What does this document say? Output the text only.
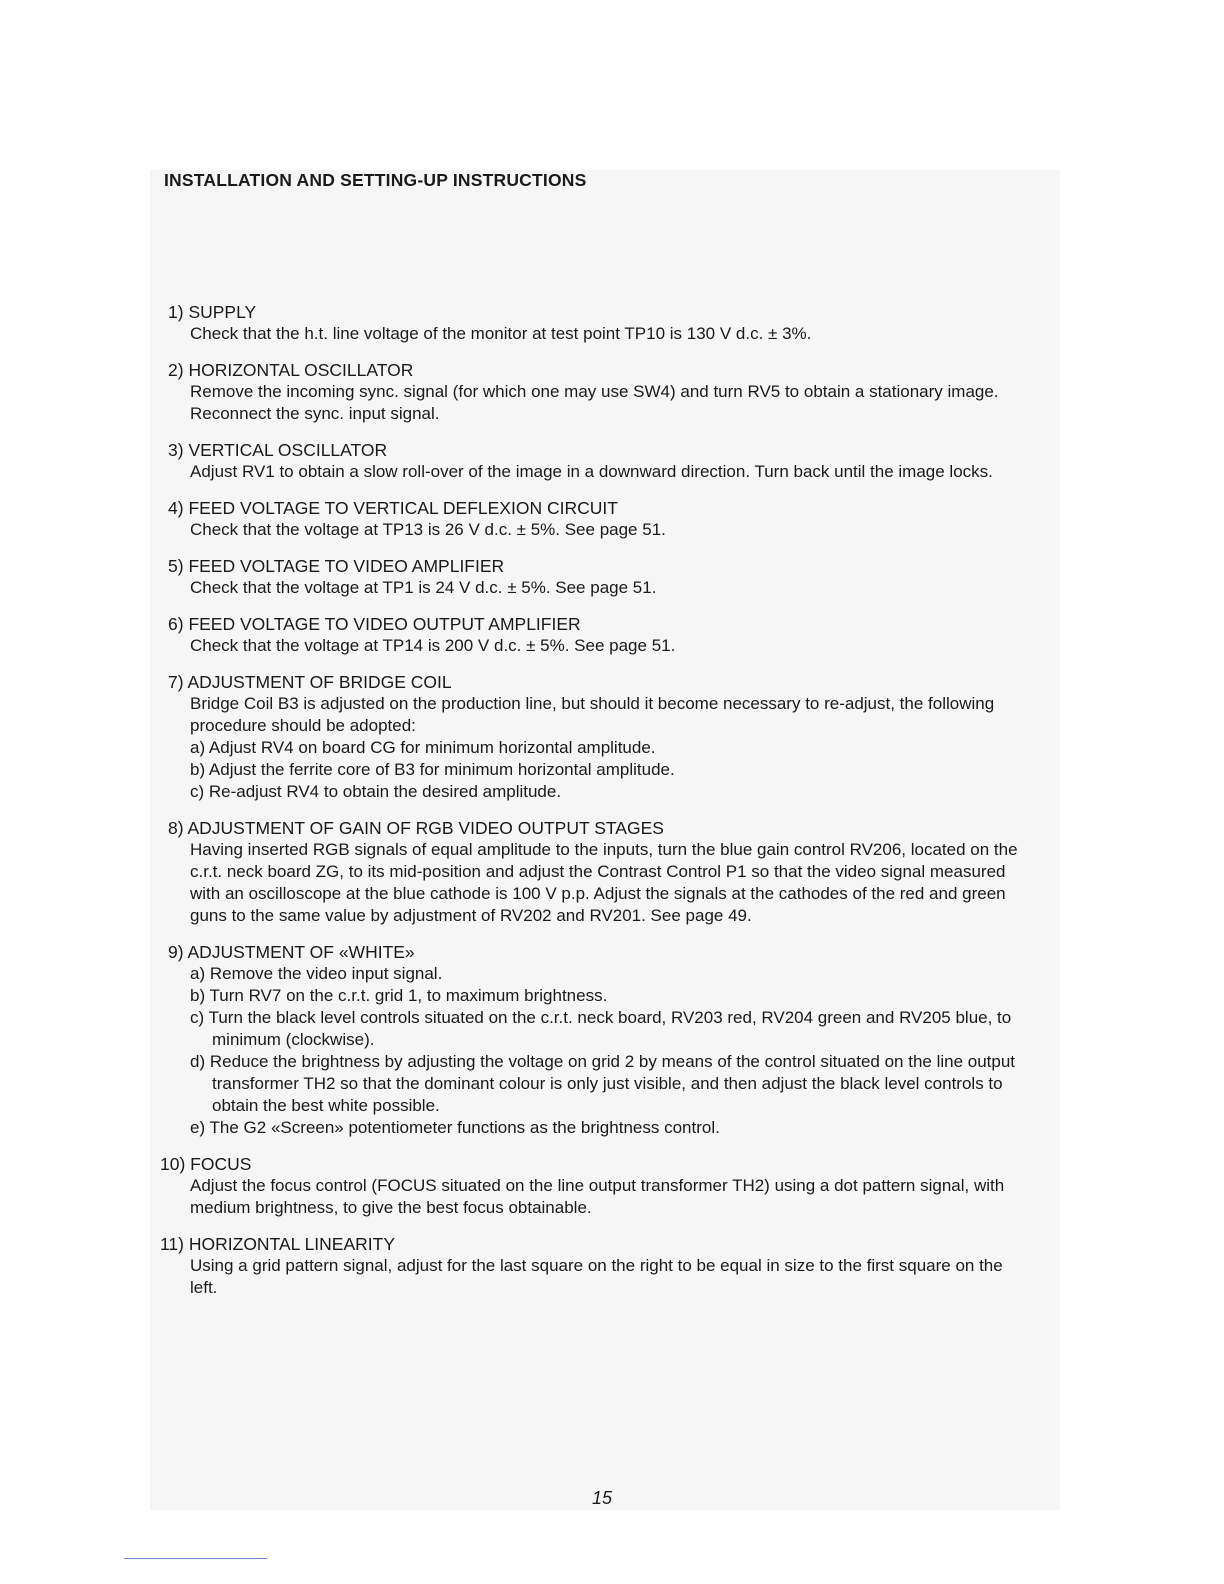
INSTALLATION AND SETTING-UP INSTRUCTIONS
1) SUPPLY
Check that the h.t. line voltage of the monitor at test point TP10 is 130 V d.c. ± 3%.
2) HORIZONTAL OSCILLATOR
Remove the incoming sync. signal (for which one may use SW4) and turn RV5 to obtain a stationary image. Reconnect the sync. input signal.
3) VERTICAL OSCILLATOR
Adjust RV1 to obtain a slow roll-over of the image in a downward direction. Turn back until the image locks.
4) FEED VOLTAGE TO VERTICAL DEFLEXION CIRCUIT
Check that the voltage at TP13 is 26 V d.c. ± 5%. See page 51.
5) FEED VOLTAGE TO VIDEO AMPLIFIER
Check that the voltage at TP1 is 24 V d.c. ± 5%. See page 51.
6) FEED VOLTAGE TO VIDEO OUTPUT AMPLIFIER
Check that the voltage at TP14 is 200 V d.c. ± 5%. See page 51.
7) ADJUSTMENT OF BRIDGE COIL
Bridge Coil B3 is adjusted on the production line, but should it become necessary to re-adjust, the following procedure should be adopted:
a) Adjust RV4 on board CG for minimum horizontal amplitude.
b) Adjust the ferrite core of B3 for minimum horizontal amplitude.
c) Re-adjust RV4 to obtain the desired amplitude.
8) ADJUSTMENT OF GAIN OF RGB VIDEO OUTPUT STAGES
Having inserted RGB signals of equal amplitude to the inputs, turn the blue gain control RV206, located on the c.r.t. neck board ZG, to its mid-position and adjust the Contrast Control P1 so that the video signal measured with an oscilloscope at the blue cathode is 100 V p.p. Adjust the signals at the cathodes of the red and green guns to the same value by adjustment of RV202 and RV201. See page 49.
9) ADJUSTMENT OF «WHITE»
a) Remove the video input signal.
b) Turn RV7 on the c.r.t. grid 1, to maximum brightness.
c) Turn the black level controls situated on the c.r.t. neck board, RV203 red, RV204 green and RV205 blue, to minimum (clockwise).
d) Reduce the brightness by adjusting the voltage on grid 2 by means of the control situated on the line output transformer TH2 so that the dominant colour is only just visible, and then adjust the black level controls to obtain the best white possible.
e) The G2 «Screen» potentiometer functions as the brightness control.
10) FOCUS
Adjust the focus control (FOCUS situated on the line output transformer TH2) using a dot pattern signal, with medium brightness, to give the best focus obtainable.
11) HORIZONTAL LINEARITY
Using a grid pattern signal, adjust for the last square on the right to be equal in size to the first square on the left.
15
